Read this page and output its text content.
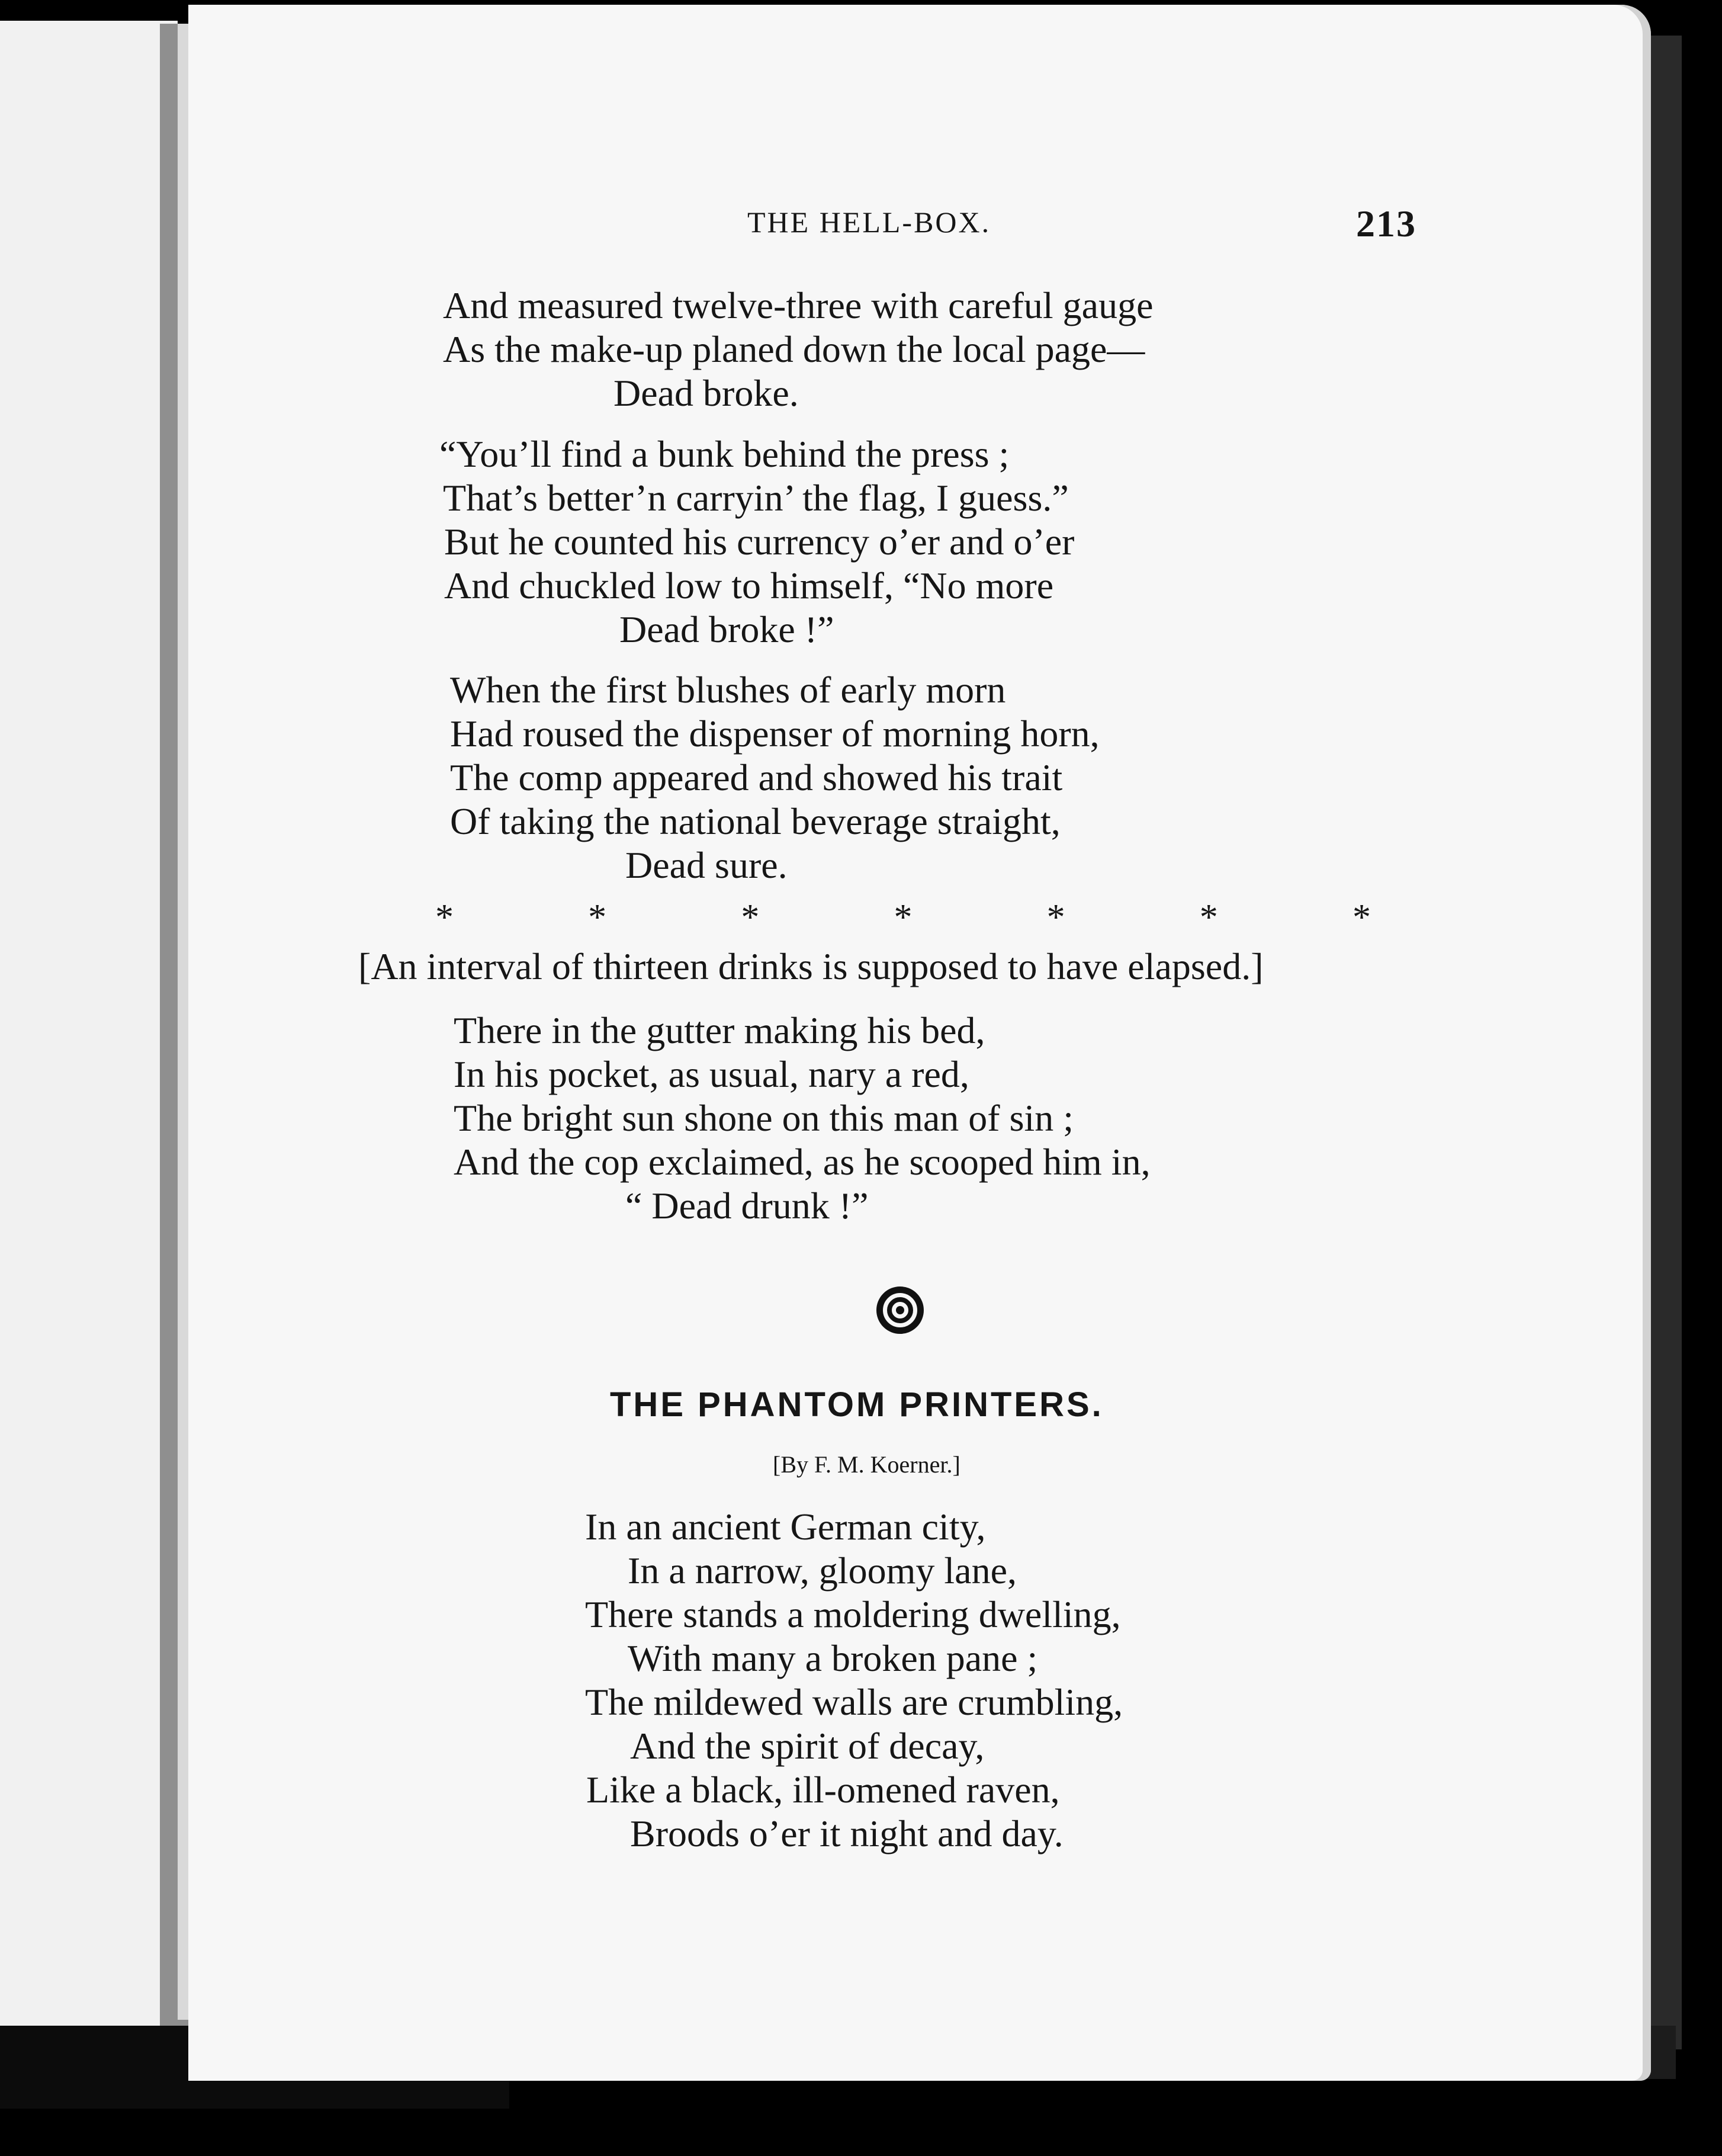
THE HELL-BOX.	213
And measured twelve-three with careful gauge
As the make-up planed down the local page—
Dead broke.
“You’ll find a bunk behind the press ;
That’s better’n carryin’ the flag, I guess.”
But he counted his currency o’er and o’er
And chuckled low to himself, “No more
Dead broke !”
When the first blushes of early morn
Had roused the dispenser of morning horn,
The comp appeared and showed his trait
Of taking the national beverage straight,
Dead sure.
*	*	*	*	*	*	*
[An interval of thirteen drinks is supposed to have elapsed.]
There in the gutter making his bed,
In his pocket, as usual, nary a red,
The bright sun shone on this man of sin ;
And the cop exclaimed, as he scooped him in,
“ Dead drunk !”
THE PHANTOM PRINTERS.
[By F. M. Koerner.]
In an ancient German city,
In a narrow, gloomy lane,
There stands a moldering dwelling,
With many a broken pane ;
The mildewed walls are crumbling,
And the spirit of decay,
Like a black, ill-omened raven,
Broods o’er it night and day.
